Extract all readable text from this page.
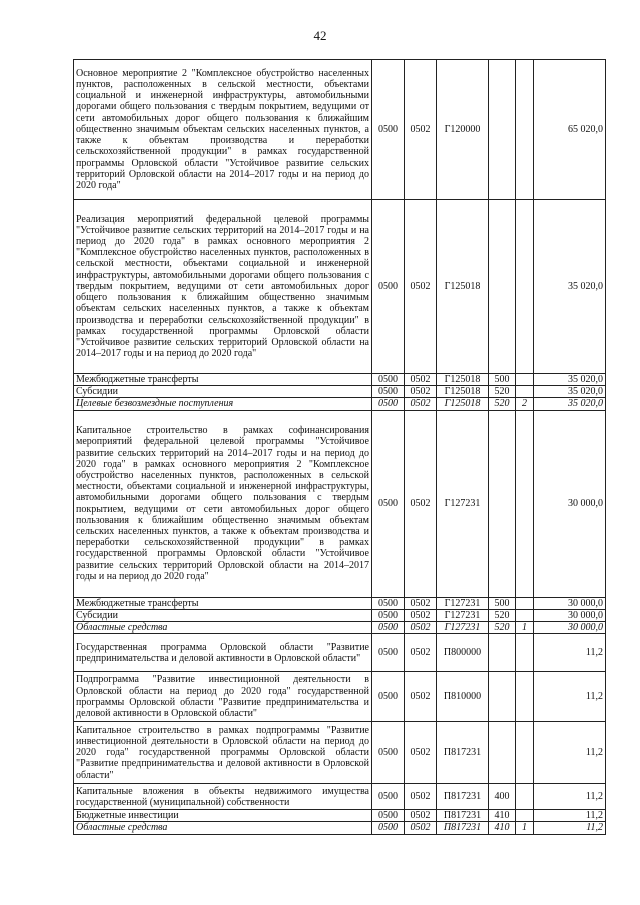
42
Основное мероприятие 2 "Комплексное обустройство населенных пунктов, расположенных в сельской местности, объектами социальной и инженерной инфраструктуры, автомобильными дорогами общего пользования с твердым покрытием, ведущими от сети автомобильных дорог общего пользования к ближайшим общественно значимым объектам сельских населенных пунктов, а также к объектам производства и переработки сельскохозяйственной продукции" в рамках государственной программы Орловской области "Устойчивое развитие сельских территорий Орловской области на 2014–2017 годы и на период до 2020 года"	0500	0502	Г120000			65 020,0
Реализация мероприятий федеральной целевой программы "Устойчивое развитие сельских территорий на 2014–2017 годы и на период до 2020 года" в рамках основного мероприятия 2 "Комплексное обустройство населенных пунктов, расположенных в сельской местности, объектами социальной и инженерной инфраструктуры, автомобильными дорогами общего пользования с твердым покрытием, ведущими от сети автомобильных дорог общего пользования к ближайшим общественно значимым объектам сельских населенных пунктов, а также к объектам производства и переработки сельскохозяйственной продукции" в рамках государственной программы Орловской области "Устойчивое развитие сельских территорий Орловской области на 2014–2017 годы и на период до 2020 года"	0500	0502	Г125018			35 020,0
Межбюджетные трансферты	0500	0502	Г125018	500		35 020,0
Субсидии	0500	0502	Г125018	520		35 020,0
Целевые безвозмездные поступления	0500	0502	Г125018	520	2	35 020,0
Капитальное строительство в рамках софинансирования мероприятий федеральной целевой программы "Устойчивое развитие сельских территорий на 2014–2017 годы и на период до 2020 года" в рамках основного мероприятия 2 "Комплексное обустройство населенных пунктов, расположенных в сельской местности, объектами социальной и инженерной инфраструктуры, автомобильными дорогами общего пользования с твердым покрытием, ведущими от сети автомобильных дорог общего пользования к ближайшим общественно значимым объектам сельских населенных пунктов, а также к объектам производства и переработки сельскохозяйственной продукции" в рамках государственной программы Орловской области "Устойчивое развитие сельских территорий Орловской области на 2014–2017 годы и на период до 2020 года"	0500	0502	Г127231			30 000,0
Межбюджетные трансферты	0500	0502	Г127231	500		30 000,0
Субсидии	0500	0502	Г127231	520		30 000,0
Областные средства	0500	0502	Г127231	520	1	30 000,0
Государственная программа Орловской области "Развитие предпринимательства и деловой активности в Орловской области"	0500	0502	П800000			11,2
Подпрограмма "Развитие инвестиционной деятельности в Орловской области на период до 2020 года" государственной программы Орловской области "Развитие предпринимательства и деловой активности в Орловской области"	0500	0502	П810000			11,2
Капитальное строительство в рамках подпрограммы "Развитие инвестиционной деятельности в Орловской области на период до 2020 года" государственной программы Орловской области "Развитие предпринимательства и деловой активности в Орловской области"	0500	0502	П817231			11,2
Капитальные вложения в объекты недвижимого имущества государственной (муниципальной) собственности	0500	0502	П817231	400		11,2
Бюджетные инвестиции	0500	0502	П817231	410		11,2
Областные средства	0500	0502	П817231	410	1	11,2
